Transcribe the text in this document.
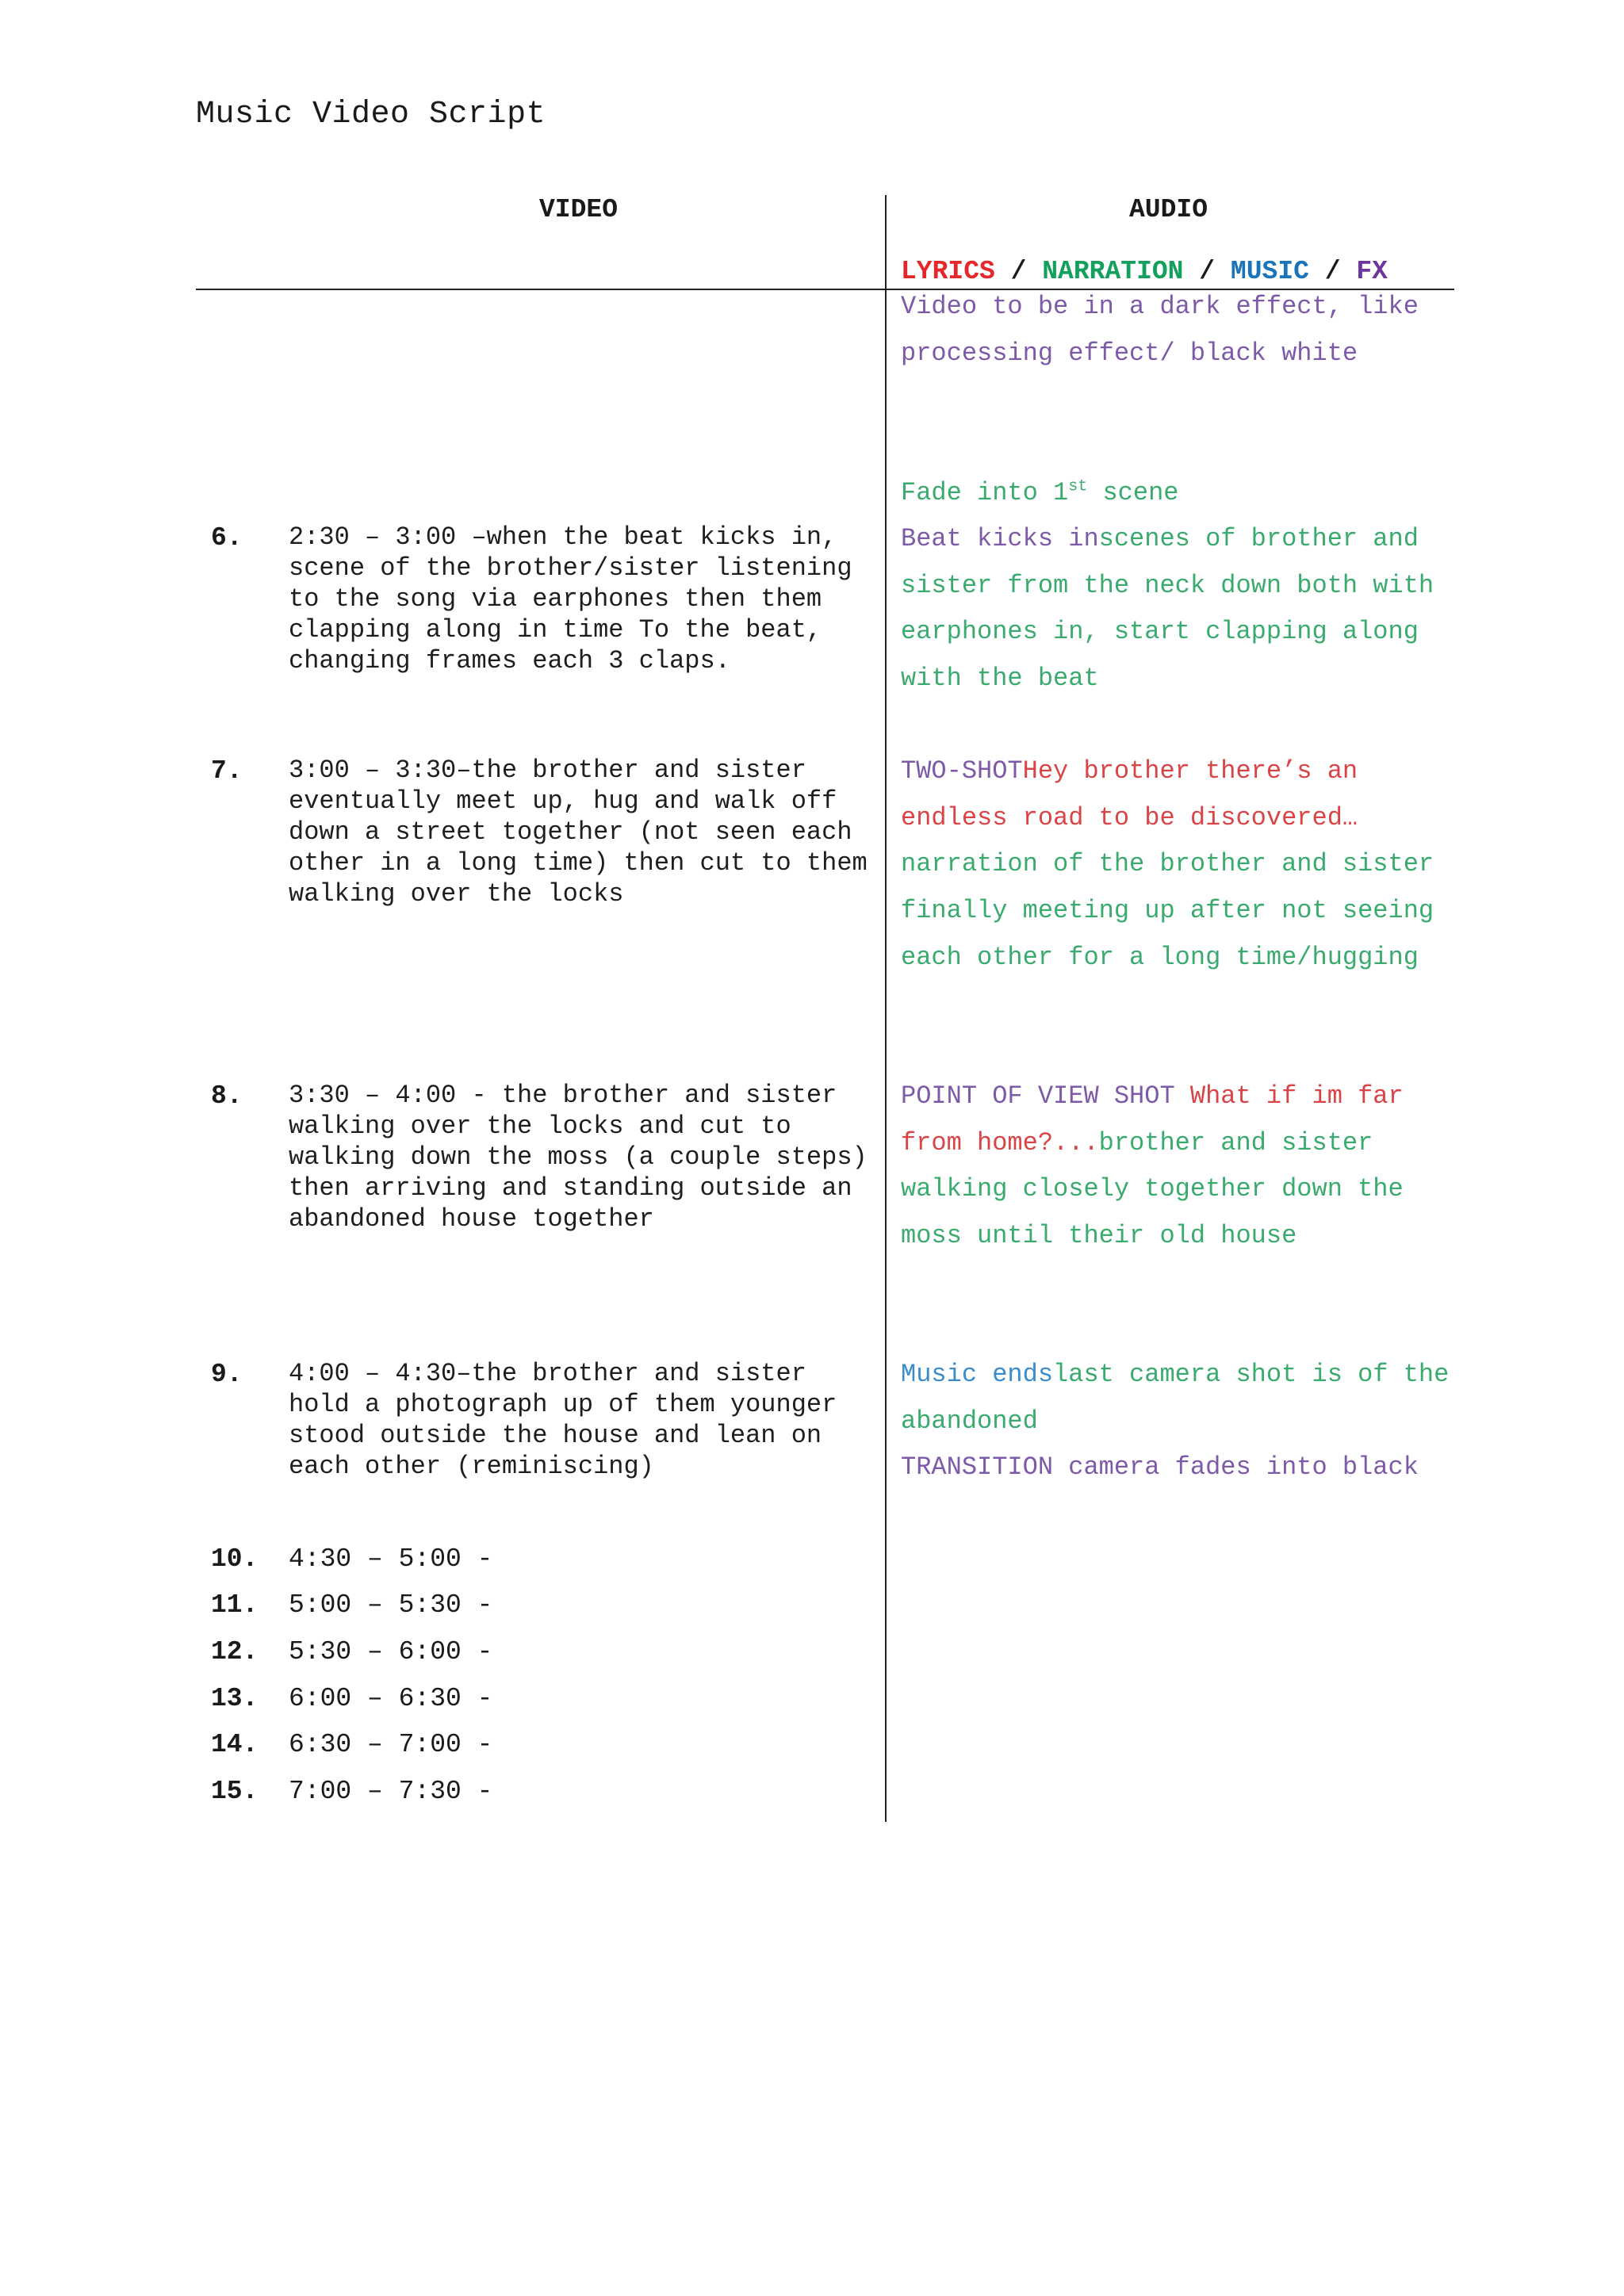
Music Video Script
VIDEO	AUDIO
LYRICS / NARRATION / MUSIC / FX
Video to be in a dark effect, like processing effect/ black white
Fade into 1st scene
6. 2:30 – 3:00 –when the beat kicks in, scene of the brother/sister listening to the song via earphones then them clapping along in time To the beat, changing frames each 3 claps.
Beat kicks inscenes of brother and sister from the neck down both with earphones in, start clapping along with the beat
7. 3:00 – 3:30–the brother and sister eventually meet up, hug and walk off down a street together (not seen each other in a long time) then cut to them walking over the locks
TWO-SHOTHey brother there’s an endless road to be discovered…narration of the brother and sister finally meeting up after not seeing each other for a long time/hugging
8. 3:30 – 4:00 - the brother and sister walking over the locks and cut to walking down the moss (a couple steps) then arriving and standing outside an abandoned house together
POINT OF VIEW SHOT What if im far from home?...brother and sister walking closely together down the moss until their old house
9. 4:00 – 4:30–the brother and sister hold a photograph up of them younger stood outside the house and lean on each other (reminiscing)
Music endslast camera shot is of the abandoned
TRANSITION camera fades into black
10. 4:30 – 5:00 -
11. 5:00 – 5:30 -
12. 5:30 – 6:00 -
13. 6:00 – 6:30 -
14. 6:30 – 7:00 -
15. 7:00 – 7:30 -
